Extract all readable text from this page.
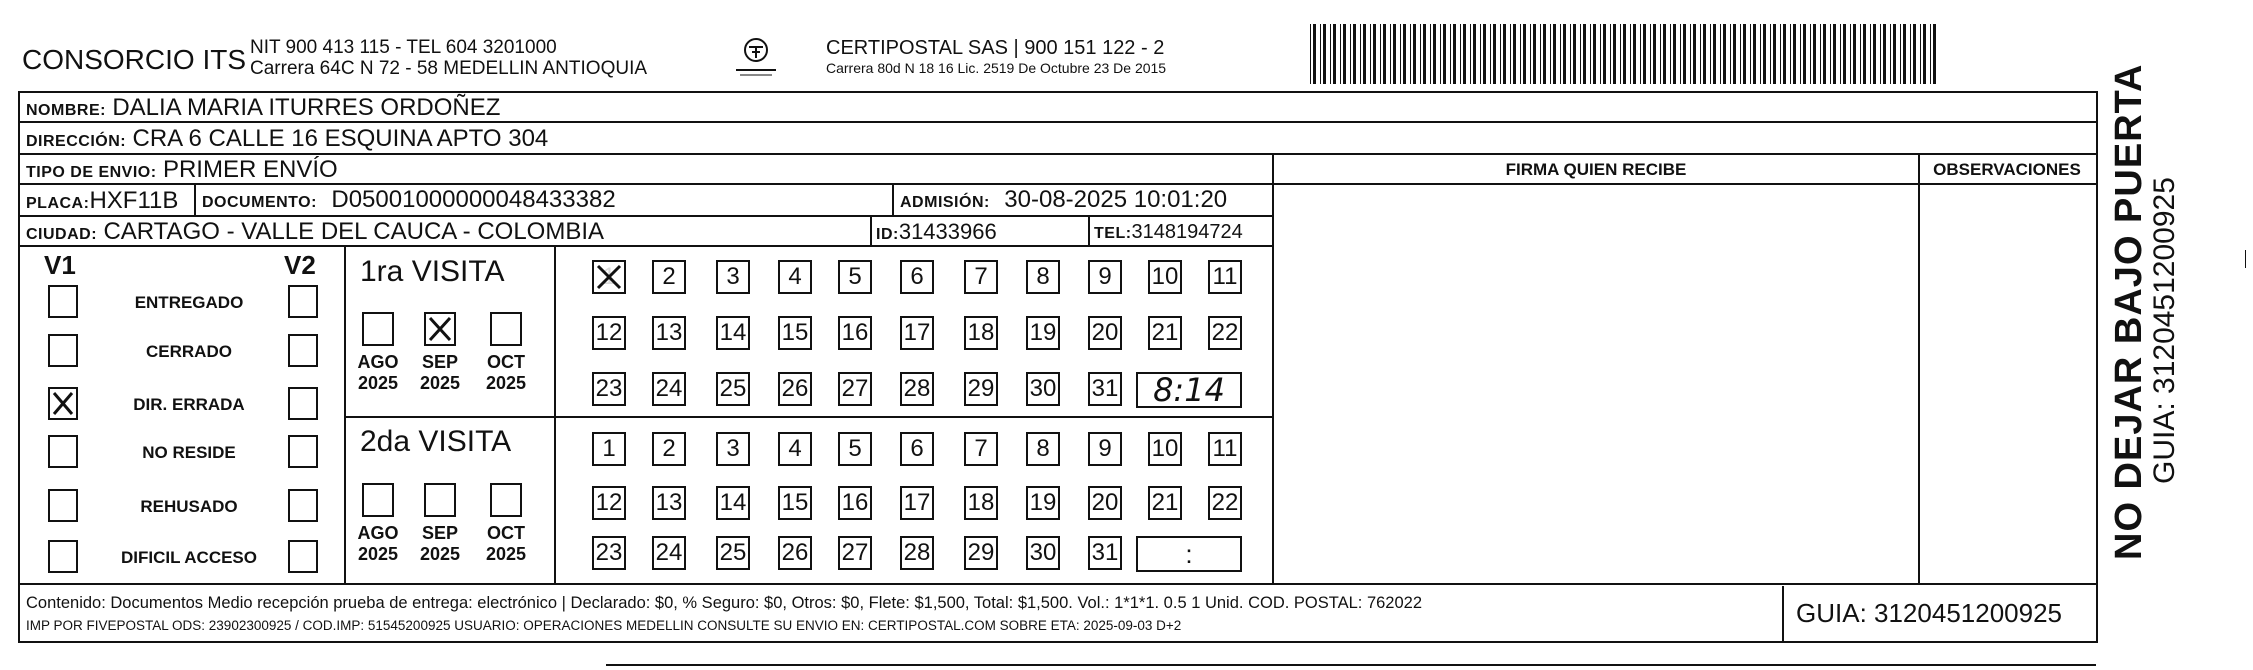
CONSORCIO ITS NIT 900 413 115 - TEL 604 3201000
Carrera 64C N 72 - 58 MEDELLIN ANTIOQUIA
CERTIPOSTAL SAS | 900 151 122 - 2
Carrera 80d N 18 16 Lic. 2519 De Octubre 23 De 2015
NOMBRE: DALIA MARIA ITURRES ORDOÑEZ
DIRECCIÓN: CRA 6 CALLE 16 ESQUINA APTO 304
TIPO DE ENVIO: PRIMER ENVÍO	FIRMA QUIEN RECIBE	OBSERVACIONES
PLACA:HXF11B	DOCUMENTO: D05001000000048433382	ADMISIÓN: 30-08-2025 10:01:20
CIUDAD: CARTAGO - VALLE DEL CAUCA - COLOMBIA	ID:31433966	TEL:3148194724
V1	V2
ENTREGADO
CERRADO
DIR. ERRADA
NO RESIDE
REHUSADO
DIFICIL ACCESO
1ra VISITA
2da VISITA
AGO
2025
SEP
2025
OCT
2025
AGO
2025
SEP
2025
OCT
2025
1	2	3	4	5	6	7	8	9	10 11
12 13 14 15 16 17 18 19 20 21 22
23 24 25 26 27 28 29 30 31	8:14
1	2	3	4	5	6	7	8	9	10 11
12 13 14 15 16 17 18 19 20 21 22
23 24 25 26 27 28 29 30 31	:
Contenido: Documentos Medio recepción prueba de entrega: electrónico | Declarado: $0, % Seguro: $0, Otros: $0, Flete: $1,500, Total: $1,500. Vol.: 1*1*1. 0.5 1 Unid. COD. POSTAL: 762022
IMP POR FIVEPOSTAL ODS: 23902300925 / COD.IMP: 51545200925 USUARIO: OPERACIONES MEDELLIN CONSULTE SU ENVIO EN: CERTIPOSTAL.COM SOBRE ETA: 2025-09-03 D+2	GUIA: 3120451200925
NO DEJAR BAJO PUERTA
GUIA: 3120451200925
